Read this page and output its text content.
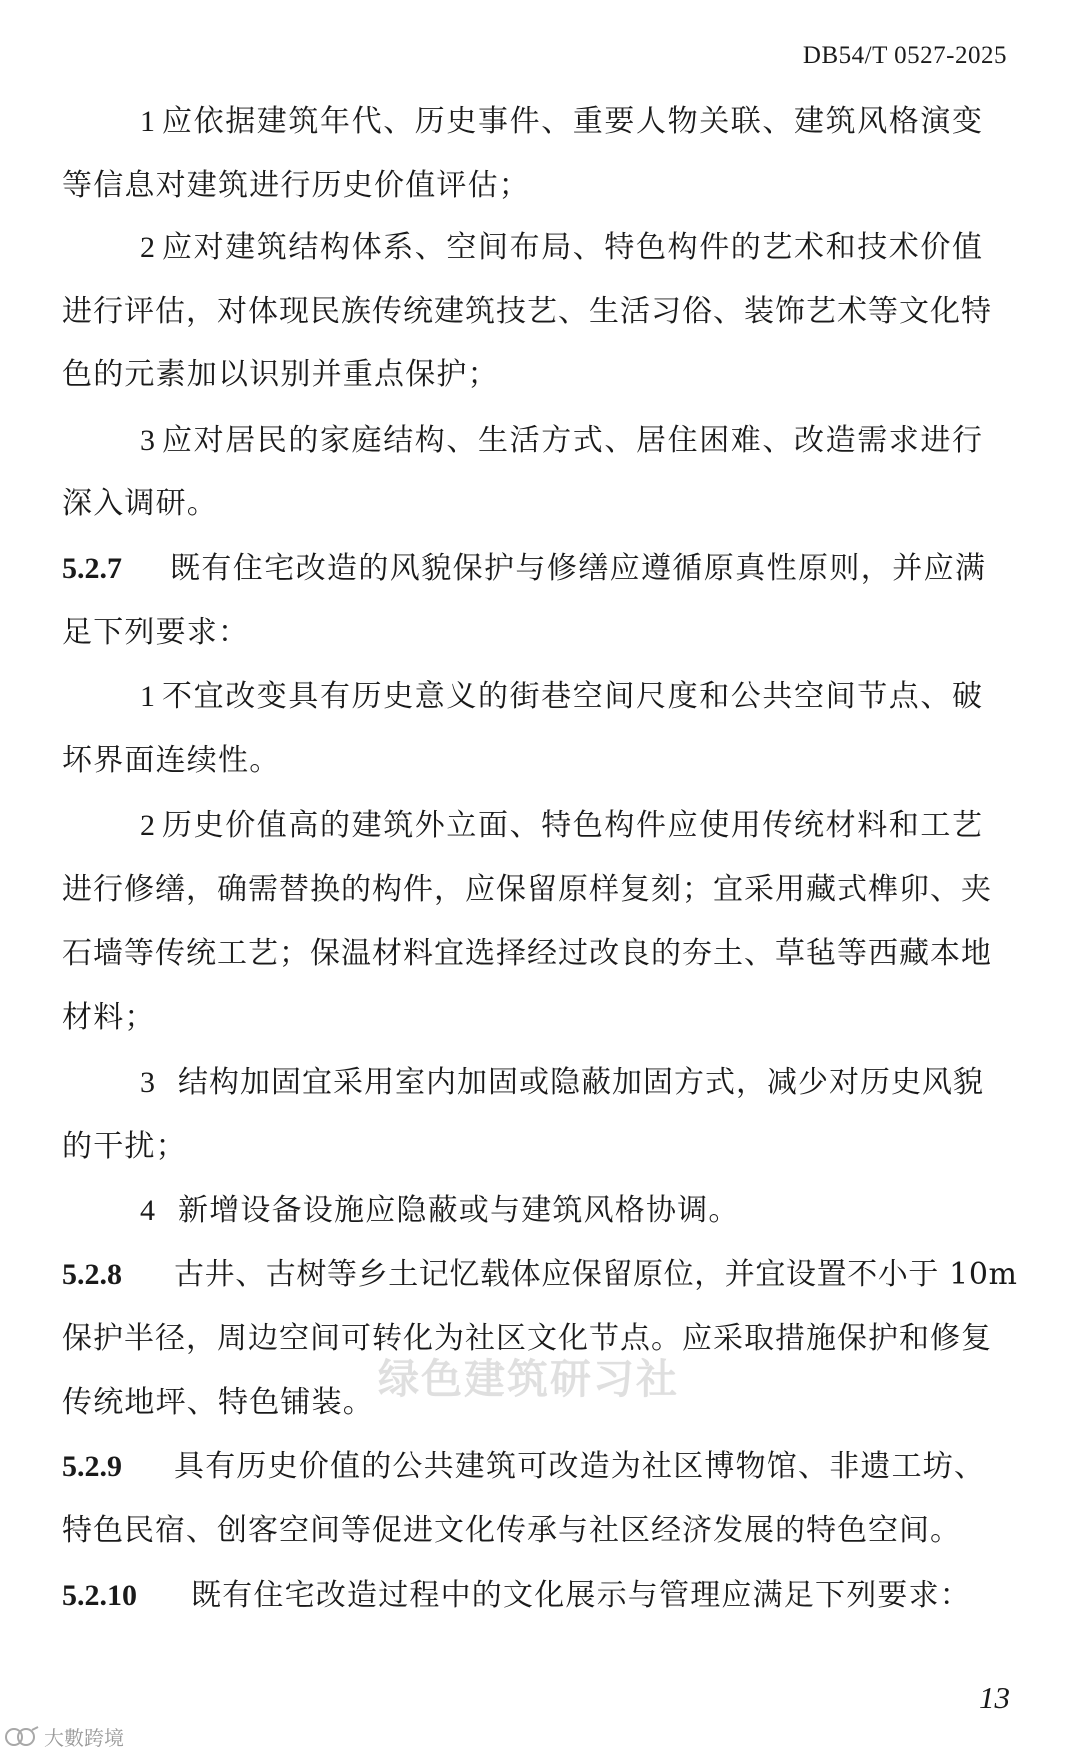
DB54/T 0527-2025
1 应依据建筑年代、历史事件、重要人物关联、建筑风格演变
等信息对建筑进行历史价值评估；
2 应对建筑结构体系、空间布局、特色构件的艺术和技术价值
进行评估，对体现民族传统建筑技艺、生活习俗、装饰艺术等文化特
色的元素加以识别并重点保护；
3 应对居民的家庭结构、生活方式、居住困难、改造需求进行
深入调研。
5.2.7 既有住宅改造的风貌保护与修缮应遵循原真性原则，并应满
足下列要求：
1 不宜改变具有历史意义的街巷空间尺度和公共空间节点、破
坏界面连续性。
2 历史价值高的建筑外立面、特色构件应使用传统材料和工艺
进行修缮，确需替换的构件，应保留原样复刻；宜采用藏式榫卯、夹
石墙等传统工艺；保温材料宜选择经过改良的夯土、草毡等西藏本地
材料；
3 结构加固宜采用室内加固或隐蔽加固方式，减少对历史风貌
的干扰；
4 新增设备设施应隐蔽或与建筑风格协调。
5.2.8 古井、古树等乡土记忆载体应保留原位，并宜设置不小于 10m
保护半径，周边空间可转化为社区文化节点。应采取措施保护和修复
传统地坪、特色铺装。
5.2.9 具有历史价值的公共建筑可改造为社区博物馆、非遗工坊、
特色民宿、创客空间等促进文化传承与社区经济发展的特色空间。
5.2.10 既有住宅改造过程中的文化展示与管理应满足下列要求：
绿色建筑研习社
13
大數跨境
